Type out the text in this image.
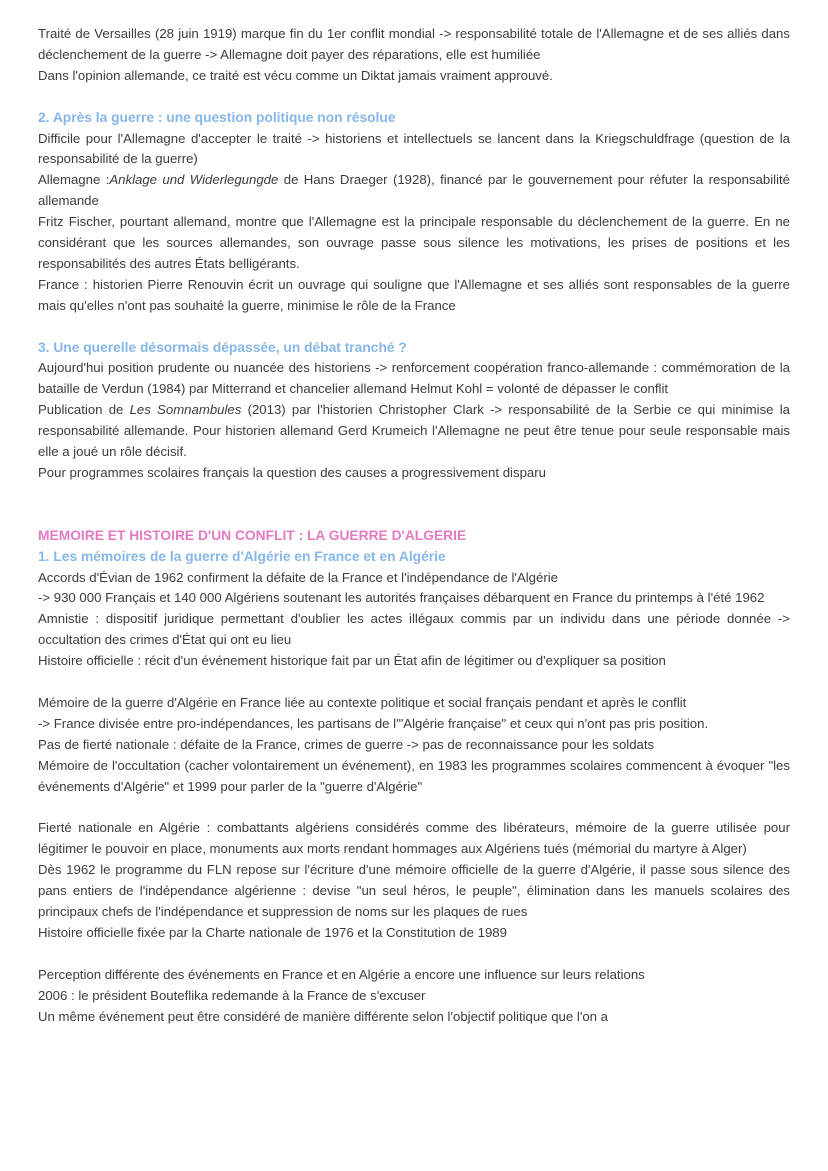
Traité de Versailles (28 juin 1919) marque fin du 1er conflit mondial -> responsabilité totale de l'Allemagne et de ses alliés dans déclenchement de la guerre -> Allemagne doit payer des réparations, elle est humiliée

Dans l'opinion allemande, ce traité est vécu comme un Diktat jamais vraiment approuvé.

2. Après la guerre : une question politique non résolue

Difficile pour l'Allemagne d'accepter le traité -> historiens et intellectuels se lancent dans la Kriegschuldfrage (question de la responsabilité de la guerre)

Allemagne :Anklage und Widerlegungde de Hans Draeger (1928), financé par le gouvernement pour réfuter la responsabilité allemande

Fritz Fischer, pourtant allemand, montre que l'Allemagne est la principale responsable du déclenchement de la guerre. En ne considérant que les sources allemandes, son ouvrage passe sous silence les motivations, les prises de positions et les responsabilités des autres États belligérants.

France : historien Pierre Renouvin écrit un ouvrage qui souligne que l'Allemagne et ses alliés sont responsables de la guerre mais qu'elles n'ont pas souhaité la guerre, minimise le rôle de la France

3. Une querelle désormais dépassée, un débat tranché ?

Aujourd'hui position prudente ou nuancée des historiens -> renforcement coopération franco-allemande : commémoration de la bataille de Verdun (1984) par Mitterrand et chancelier allemand Helmut Kohl = volonté de dépasser le conflit

Publication de Les Somnambules (2013) par l'historien Christopher Clark -> responsabilité de la Serbie ce qui minimise la responsabilité allemande. Pour historien allemand Gerd Krumeich l'Allemagne ne peut être tenue pour seule responsable mais elle a joué un rôle décisif.

Pour programmes scolaires français la question des causes a progressivement disparu

MEMOIRE ET HISTOIRE D'UN CONFLIT : LA GUERRE D'ALGERIE

1. Les mémoires de la guerre d'Algérie en France et en Algérie

Accords d'Évian de 1962 confirment la défaite de la France et l'indépendance de l'Algérie

-> 930 000 Français et 140 000 Algériens soutenant les autorités françaises débarquent en France du printemps à l'été 1962

Amnistie : dispositif juridique permettant d'oublier les actes illégaux commis par un individu dans une période donnée -> occultation des crimes d'État qui ont eu lieu

Histoire officielle : récit d'un événement historique fait par un État afin de légitimer ou d'expliquer sa position

Mémoire de la guerre d'Algérie en France liée au contexte politique et social français pendant et après le conflit

-> France divisée entre pro-indépendances, les partisans de l'"Algérie française" et ceux qui n'ont pas pris position.

Pas de fierté nationale : défaite de la France, crimes de guerre -> pas de reconnaissance pour les soldats

Mémoire de l'occultation (cacher volontairement un événement), en 1983 les programmes scolaires commencent à évoquer "les événements d'Algérie" et 1999 pour parler de la "guerre d'Algérie"

Fierté nationale en Algérie : combattants algériens considérés comme des libérateurs, mémoire de la guerre utilisée pour légitimer le pouvoir en place, monuments aux morts rendant hommages aux Algériens tués (mémorial du martyre à Alger)

Dès 1962 le programme du FLN repose sur l'écriture d'une mémoire officielle de la guerre d'Algérie, il passe sous silence des pans entiers de l'indépendance algérienne : devise "un seul héros, le peuple", élimination dans les manuels scolaires des principaux chefs de l'indépendance et suppression de noms sur les plaques de rues

Histoire officielle fixée par la Charte nationale de 1976 et la Constitution de 1989

Perception différente des événements en France et en Algérie a encore une influence sur leurs relations

2006 : le président Bouteflika redemande à la France de s'excuser

Un même événement peut être considéré de manière différente selon l'objectif politique que l'on a
